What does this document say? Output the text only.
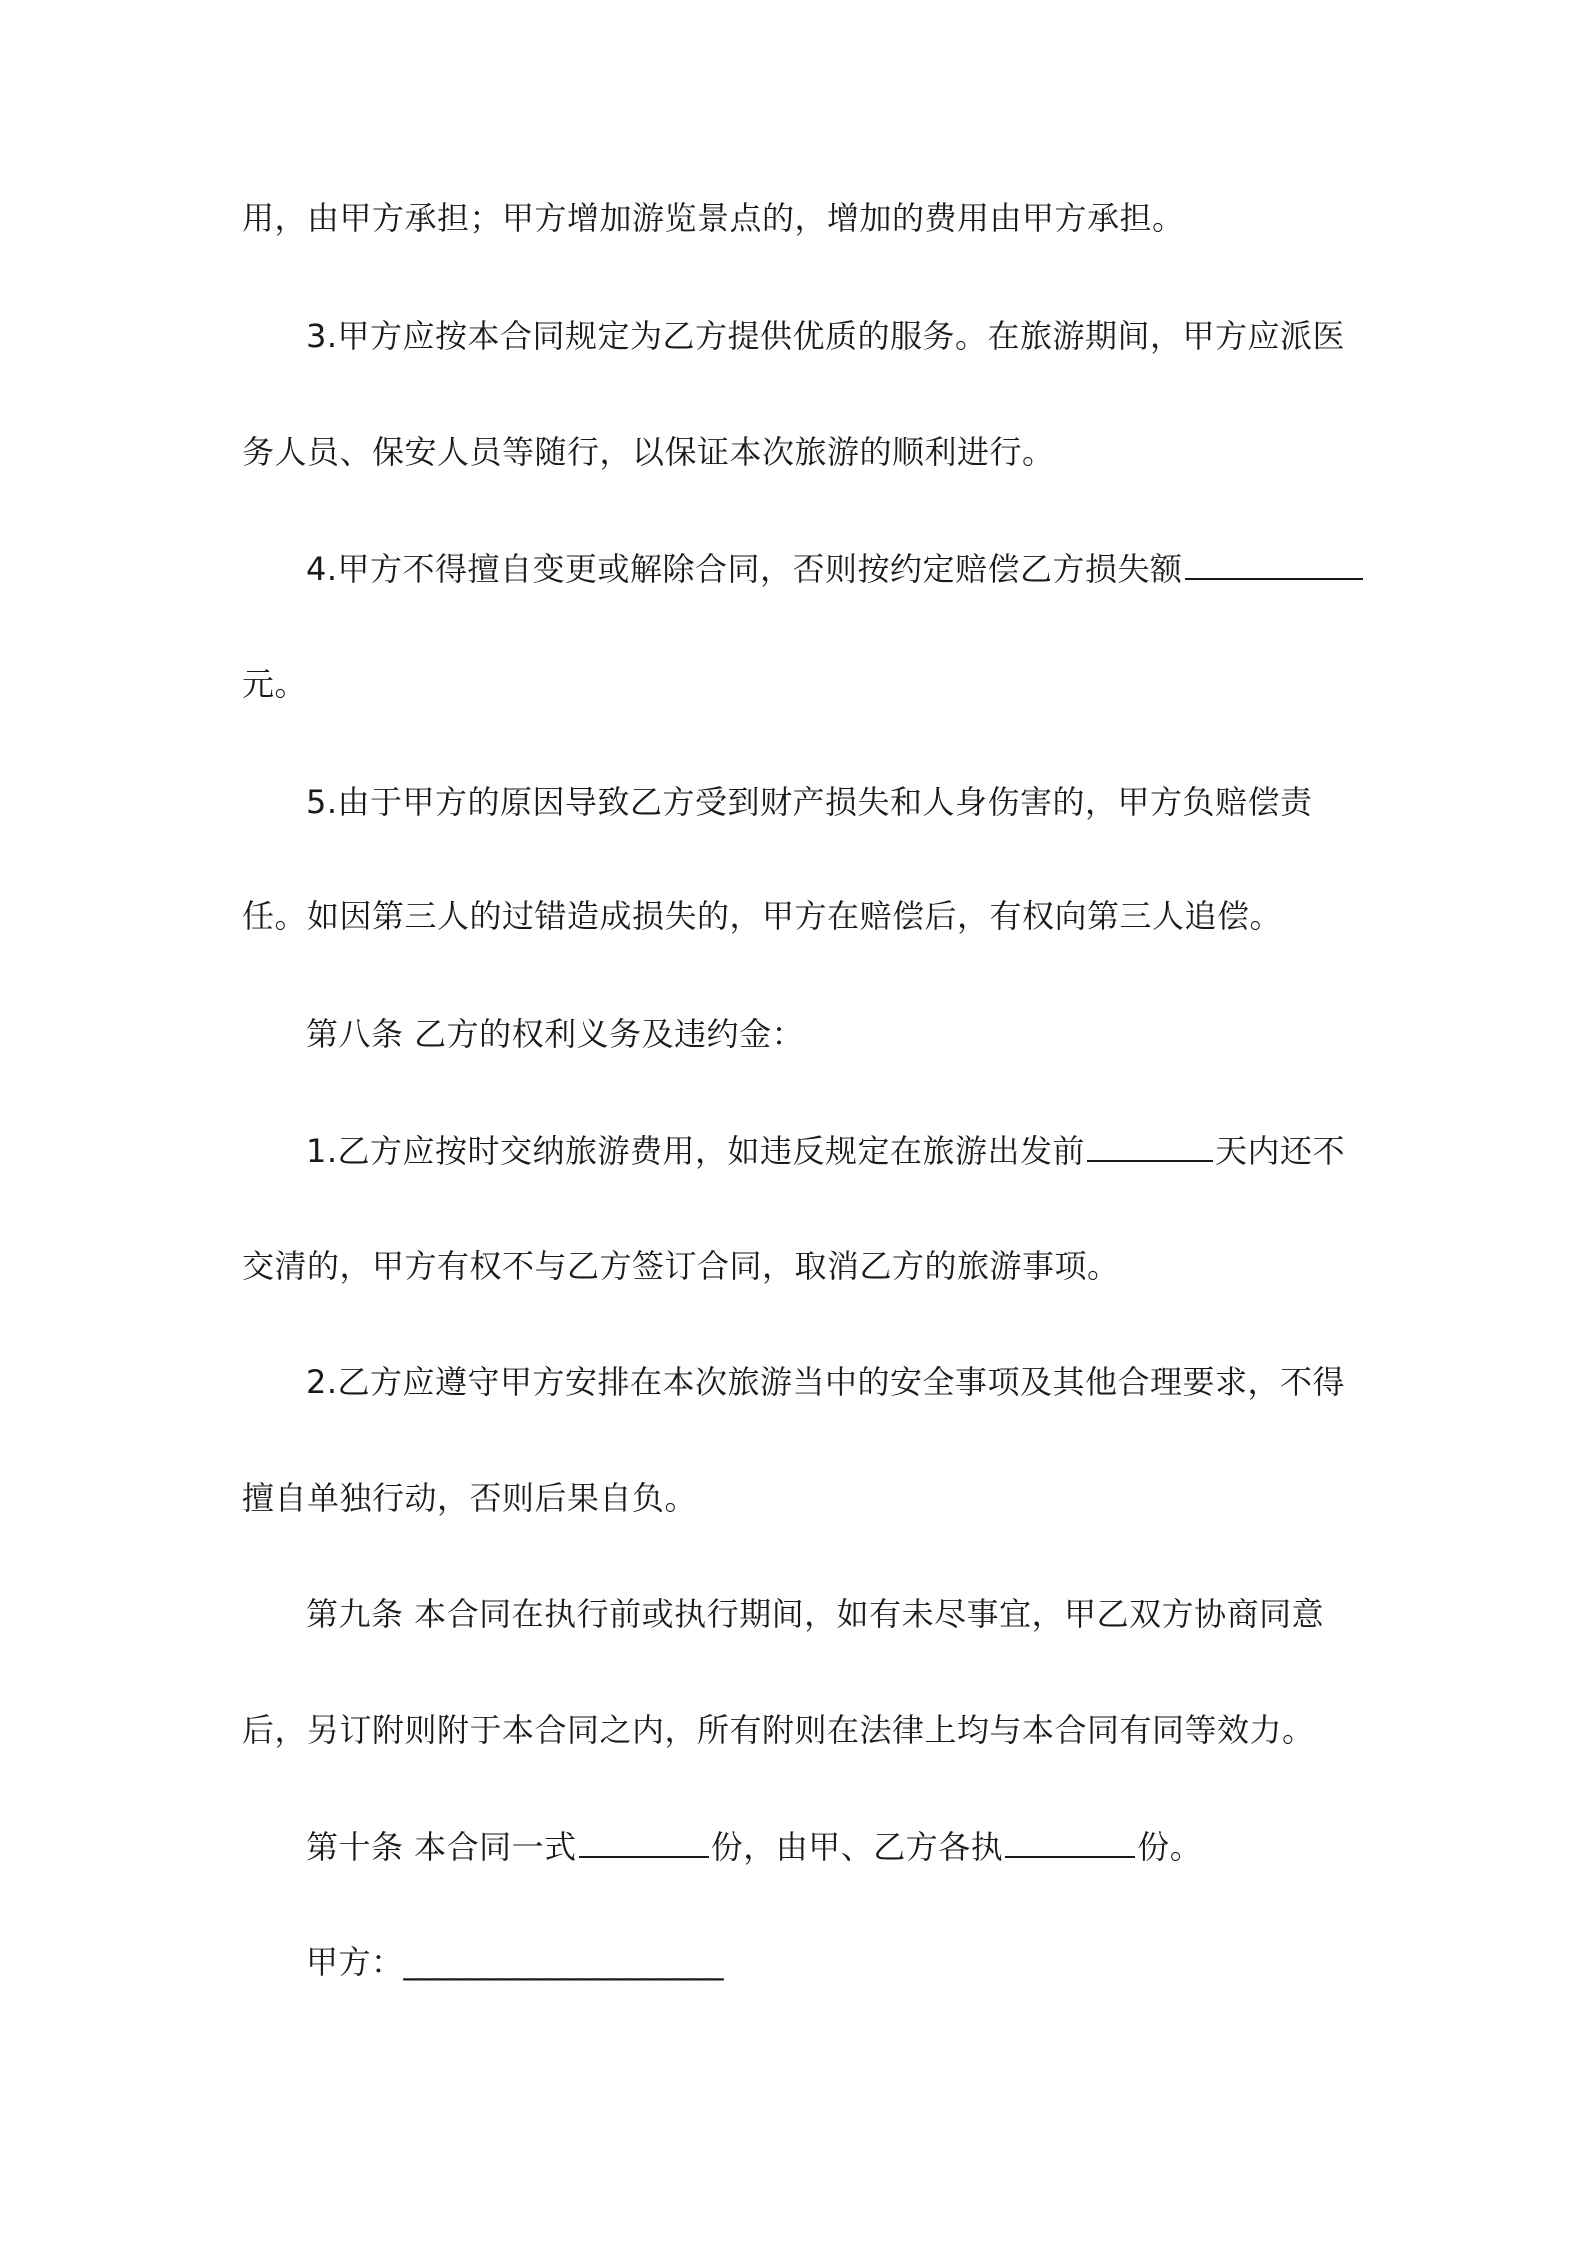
用，由甲方承担；甲方增加游览景点的，增加的费用由甲方承担。
3.甲方应按本合同规定为乙方提供优质的服务。在旅游期间，甲方应派医
务人员、保安人员等随行，以保证本次旅游的顺利进行。
4.甲方不得擅自变更或解除合同，否则按约定赔偿乙方损失额
元。
5.由于甲方的原因导致乙方受到财产损失和人身伤害的，甲方负赔偿责
任。如因第三人的过错造成损失的，甲方在赔偿后，有权向第三人追偿。
第八条 乙方的权利义务及违约金：
1.乙方应按时交纳旅游费用，如违反规定在旅游出发前	天内还不
交清的，甲方有权不与乙方签订合同，取消乙方的旅游事项。
2.乙方应遵守甲方安排在本次旅游当中的安全事项及其他合理要求，不得
擅自单独行动，否则后果自负。
第九条 本合同在执行前或执行期间，如有未尽事宜，甲乙双方协商同意
后，另订附则附于本合同之内，所有附则在法律上均与本合同有同等效力。
第十条 本合同一式	份，由甲、乙方各执	份。
甲方：____________________
